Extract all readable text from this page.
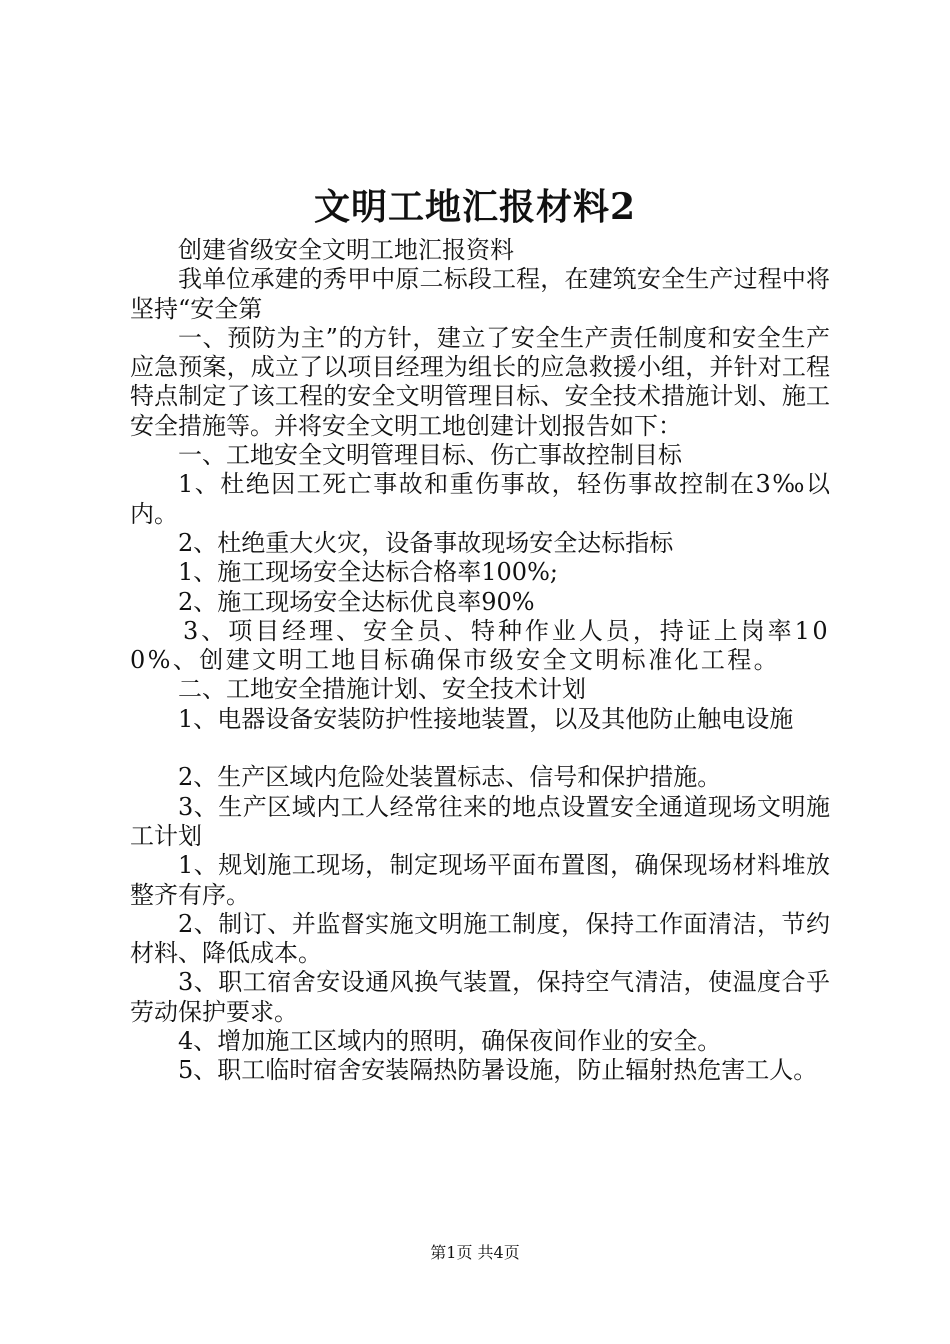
文明工地汇报材料2

创建省级安全文明工地汇报资料

我单位承建的秀甲中原二标段工程，在建筑安全生产过程中将坚持“安全第

一、预防为主”的方针，建立了安全生产责任制度和安全生产应急预案，成立了以项目经理为组长的应急救援小组，并针对工程特点制定了该工程的安全文明管理目标、安全技术措施计划、施工安全措施等。并将安全文明工地创建计划报告如下：

一、工地安全文明管理目标、伤亡事故控制目标

1、杜绝因工死亡事故和重伤事故，轻伤事故控制在3‰以内。

2、杜绝重大火灾，设备事故现场安全达标指标

1、施工现场安全达标合格率100%;

2、施工现场安全达标优良率90%

3、项目经理、安全员、特种作业人员，持证上岗率100%、创建文明工地目标确保市级安全文明标准化工程。

二、工地安全措施计划、安全技术计划

1、电器设备安装防护性接地装置，以及其他防止触电设施

2、生产区域内危险处装置标志、信号和保护措施。

3、生产区域内工人经常往来的地点设置安全通道现场文明施工计划

1、规划施工现场，制定现场平面布置图，确保现场材料堆放整齐有序。

2、制订、并监督实施文明施工制度，保持工作面清洁，节约材料、降低成本。

3、职工宿舍安设通风换气装置，保持空气清洁，使温度合乎劳动保护要求。

4、增加施工区域内的照明，确保夜间作业的安全。

5、职工临时宿舍安装隔热防暑设施，防止辐射热危害工人。

第1页 共4页
